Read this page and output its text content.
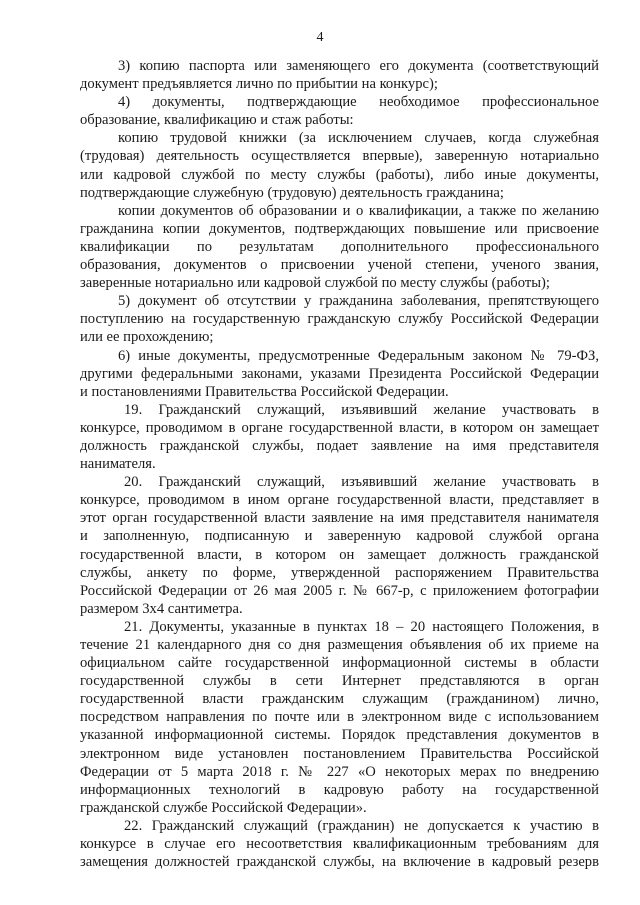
4
3) копию паспорта или заменяющего его документа (соответствующий
документ предъявляется лично по прибытии на конкурс);
4) документы, подтверждающие необходимое профессиональное
образование, квалификацию и стаж работы:
копию трудовой книжки (за исключением случаев, когда служебная
(трудовая) деятельность осуществляется впервые), заверенную нотариально
или кадровой службой по месту службы (работы), либо иные документы,
подтверждающие служебную (трудовую) деятельность гражданина;
копии документов об образовании и о квалификации, а также по желанию
гражданина копии документов, подтверждающих повышение или присвоение
квалификации по результатам дополнительного профессионального
образования, документов о присвоении ученой степени, ученого звания,
заверенные нотариально или кадровой службой по месту службы (работы);
5) документ об отсутствии у гражданина заболевания, препятствующего
поступлению на государственную гражданскую службу Российской Федерации
или ее прохождению;
6) иные документы, предусмотренные Федеральным законом № 79-ФЗ,
другими федеральными законами, указами Президента Российской Федерации
и постановлениями Правительства Российской Федерации.
19. Гражданский служащий, изъявивший желание участвовать в
конкурсе, проводимом в органе государственной власти, в котором он замещает
должность гражданской службы, подает заявление на имя представителя
нанимателя.
20. Гражданский служащий, изъявивший желание участвовать в
конкурсе, проводимом в ином органе государственной власти, представляет в
этот орган государственной власти заявление на имя представителя нанимателя
и заполненную, подписанную и заверенную кадровой службой органа
государственной власти, в котором он замещает должность гражданской
службы, анкету по форме, утвержденной распоряжением Правительства
Российской Федерации от 26 мая 2005 г. № 667-р, с приложением фотографии
размером 3х4 сантиметра.
21. Документы, указанные в пунктах 18 – 20 настоящего Положения, в
течение 21 календарного дня со дня размещения объявления об их приеме на
официальном сайте государственной информационной системы в области
государственной службы в сети Интернет представляются в орган
государственной власти гражданским служащим (гражданином) лично,
посредством направления по почте или в электронном виде с использованием
указанной информационной системы. Порядок представления документов в
электронном виде установлен постановлением Правительства Российской
Федерации от 5 марта 2018 г. № 227 «О некоторых мерах по внедрению
информационных технологий в кадровую работу на государственной
гражданской службе Российской Федерации».
22. Гражданский служащий (гражданин) не допускается к участию в
конкурсе в случае его несоответствия квалификационным требованиям для
замещения должностей гражданской службы, на включение в кадровый резерв
